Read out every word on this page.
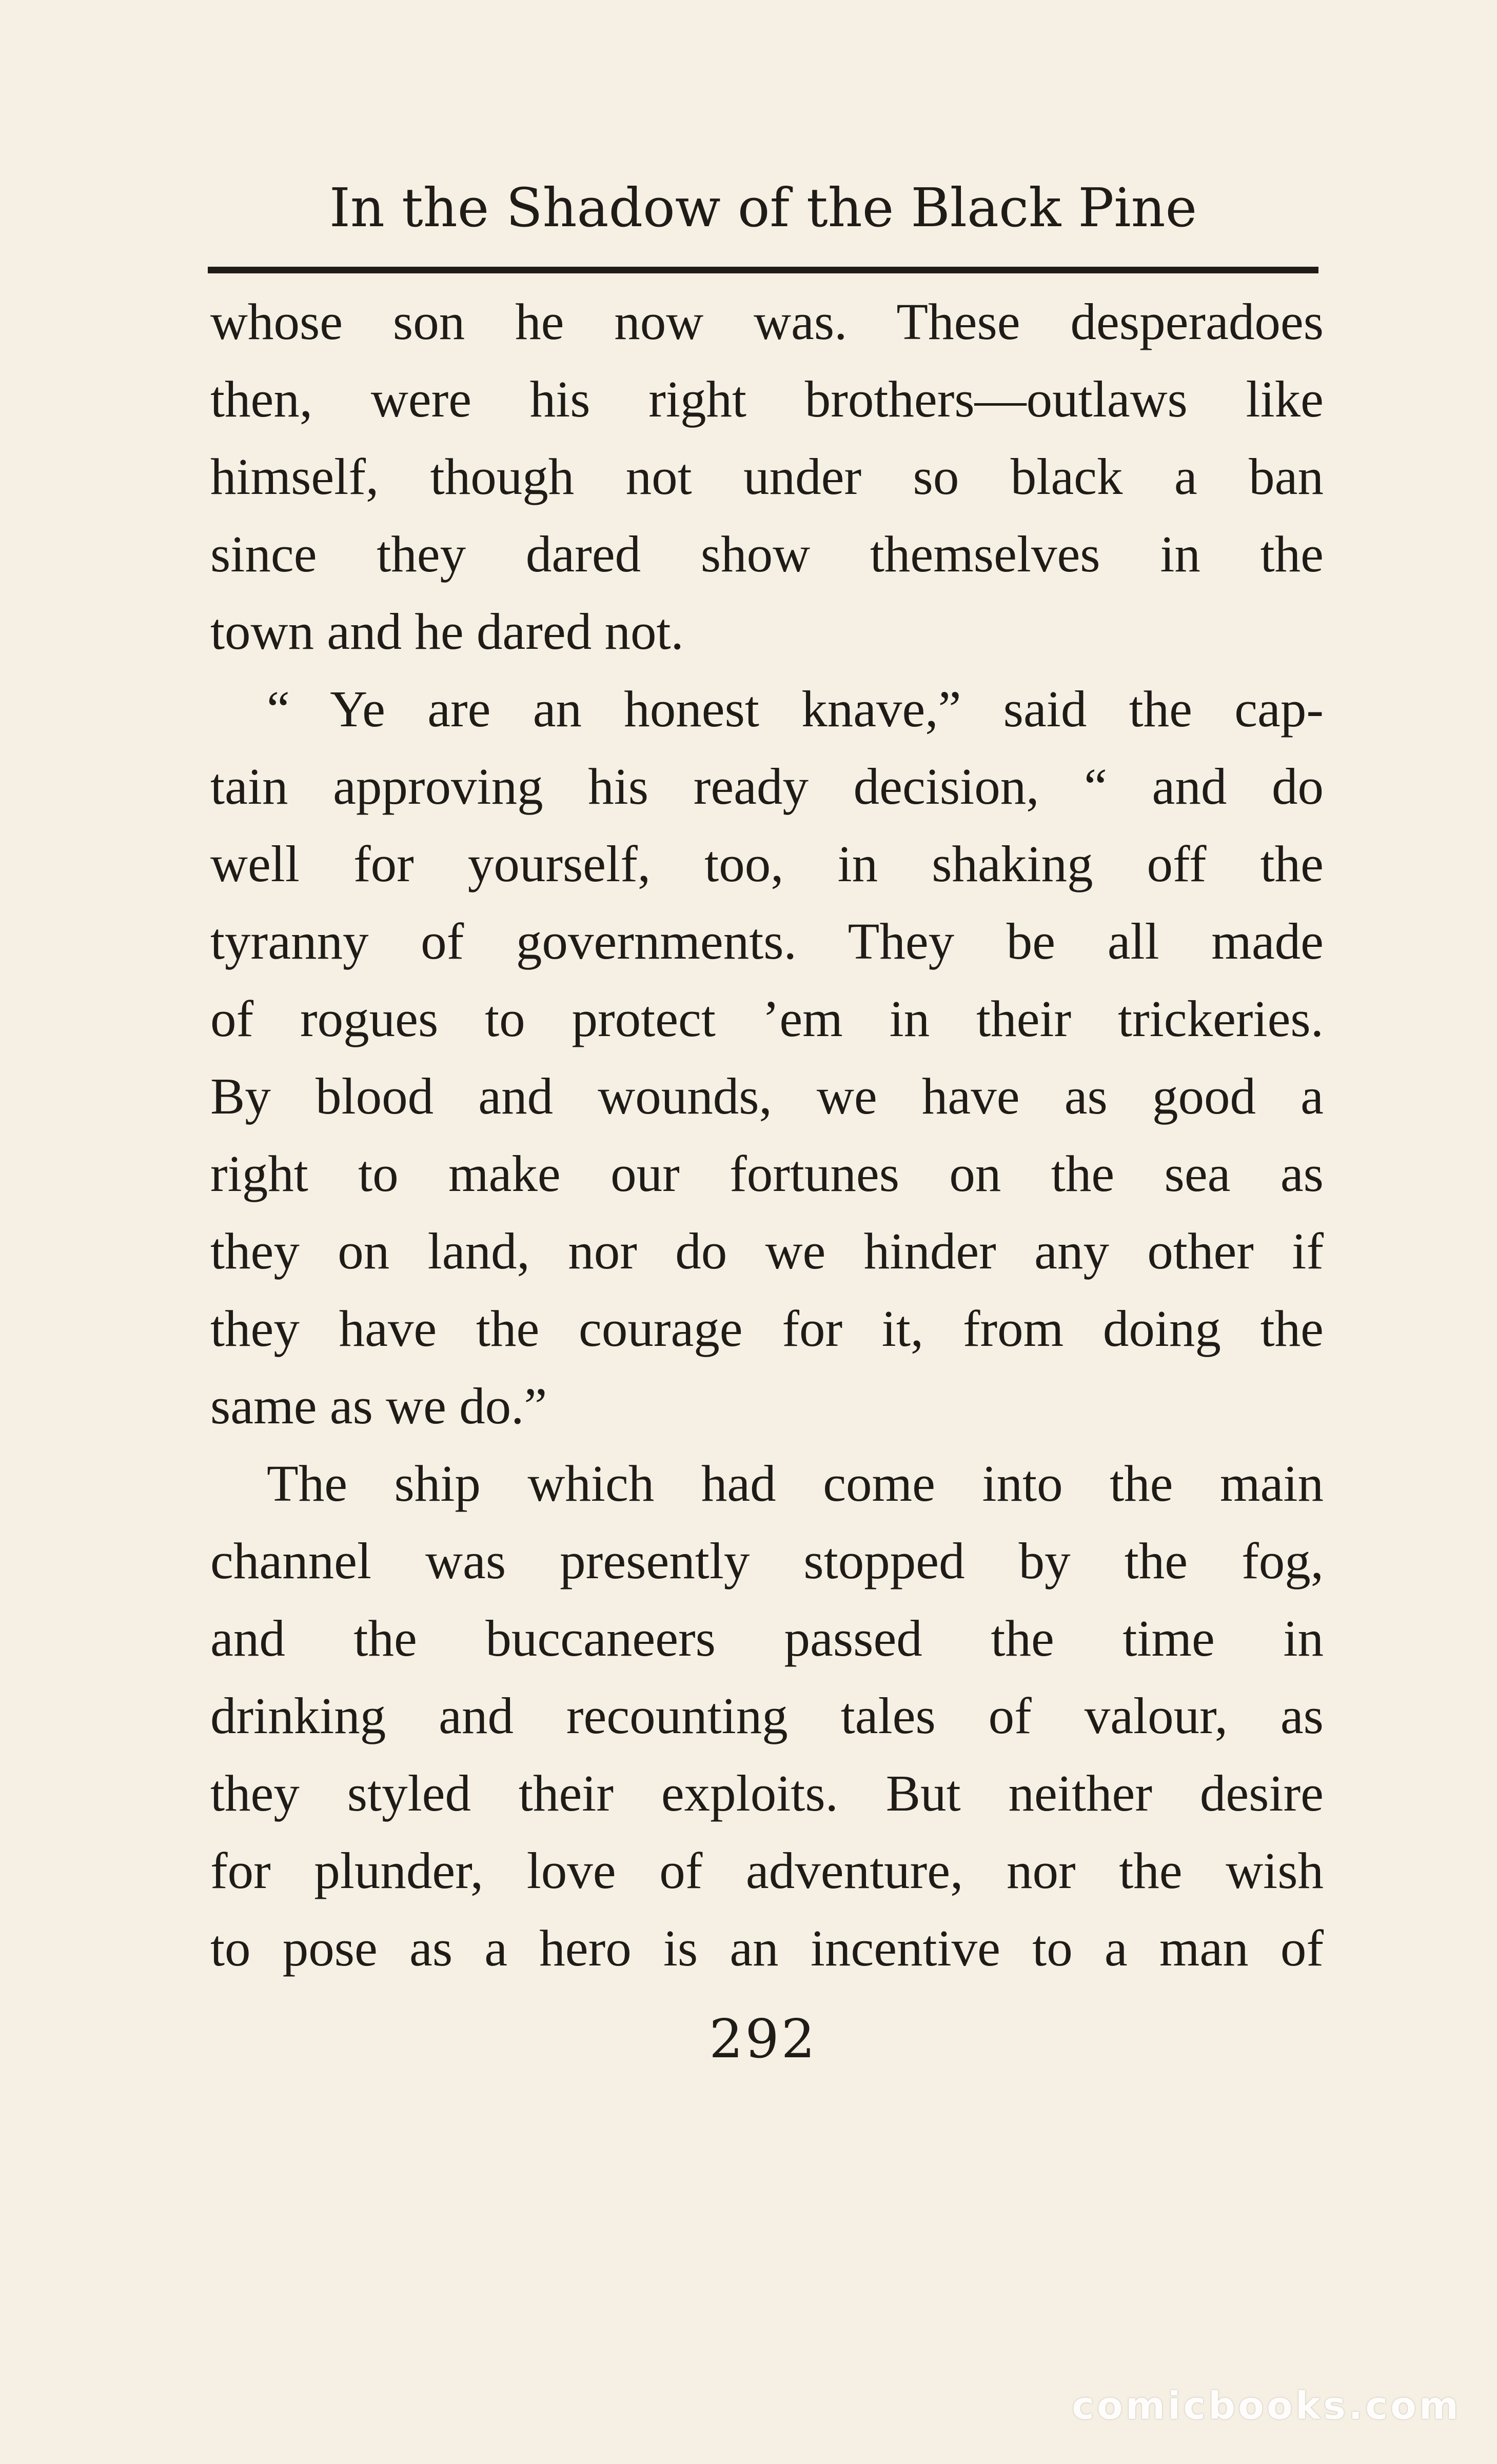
In the Shadow of the Black Pine
whose son he now was. These desperadoes
then, were his right brothers—outlaws like
himself, though not under so black a ban
since they dared show themselves in the
town and he dared not.
“ Ye are an honest knave,” said the cap-
tain approving his ready decision, “ and do
well for yourself, too, in shaking off the
tyranny of governments. They be all made
of rogues to protect ’em in their trickeries.
By blood and wounds, we have as good a
right to make our fortunes on the sea as
they on land, nor do we hinder any other if
they have the courage for it, from doing the
same as we do.”
The ship which had come into the main
channel was presently stopped by the fog,
and the buccaneers passed the time in
drinking and recounting tales of valour, as
they styled their exploits. But neither desire
for plunder, love of adventure, nor the wish
to pose as a hero is an incentive to a man of
292
comicbooks.com
